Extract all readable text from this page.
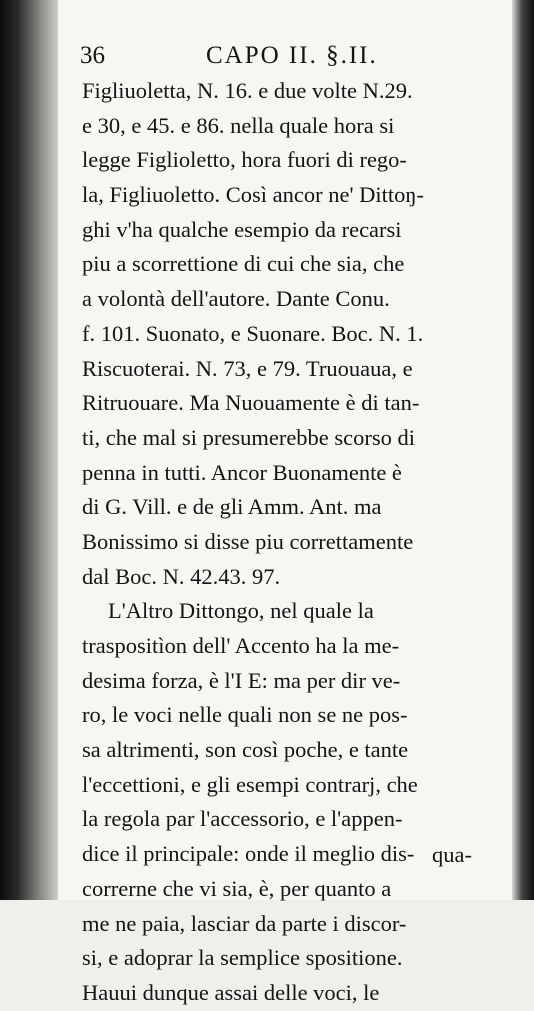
36	CAPO II. §.II.
Figliuoletta, N. 16. e due volte N.29.
e 30, e 45. e 86. nella quale hora si
legge Figlioletto, hora fuori di rego-
la, Figliuoletto. Così ancor ne' Dittoŋ-
ghi v'ha qualche esempio da recarsi
piu a scorrettione di cui che sia, che
a volontà dell'autore. Dante Conu.
f. 101. Suonato, e Suonare. Boc. N. 1.
Riscuoterai. N. 73, e 79. Truouaua, e
Ritruouare. Ma Nuouamente è di tan-
ti, che mal si presumerebbe scorso di
penna in tutti. Ancor Buonamente è
di G. Vill. e de gli Amm. Ant. ma
Bonissimo si disse piu correttamente
dal Boc. N. 42.43. 97.
L'Altro Dittongo, nel quale la
traspositìon dell' Accento ha la me-
desima forza, è l'I E: ma per dir ve-
ro, le voci nelle quali non se ne pos-
sa altrimenti, son così poche, e tante
l'eccettioni, e gli esempi contrarj, che
la regola par l'accessorio, e l'appen-
dice il principale: onde il meglio dis-
correrne che vi sia, è, per quanto a
me ne paia, lasciar da parte i discor-
si, e adoprar la semplice spositione.
Hauui dunque assai delle voci, le
qua-
